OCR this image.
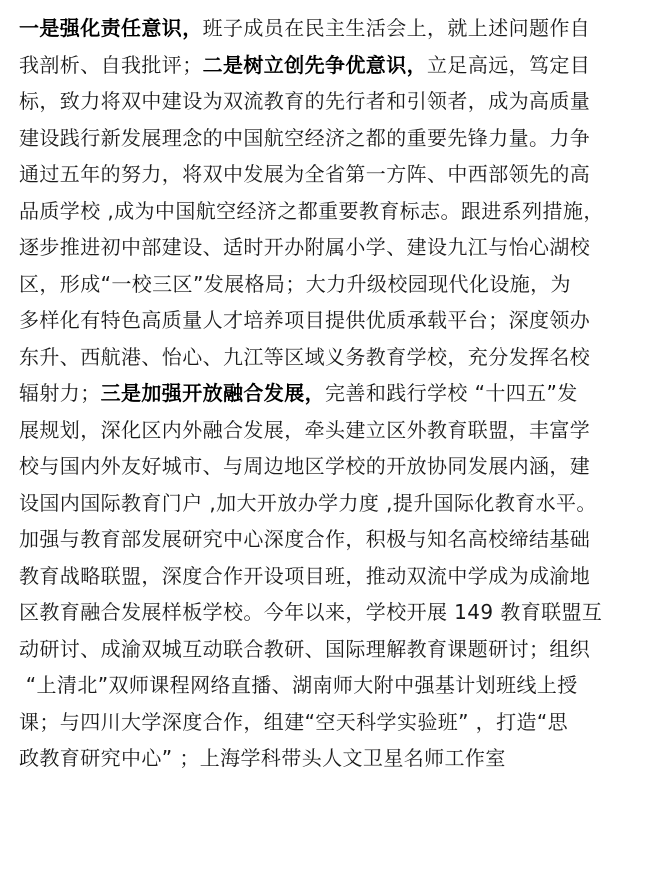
一是强化责任意识，班子成员在民主生活会上，就上述问题作自
我剖析、自我批评；二是树立创先争优意识，立足高远，笃定目
标，致力将双中建设为双流教育的先行者和引领者，成为高质量
建设践行新发展理念的中国航空经济之都的重要先锋力量。力争
通过五年的努力，将双中发展为全省第一方阵、中西部领先的高
品质学校 ,成为中国航空经济之都重要教育标志。跟进系列措施，
逐步推进初中部建设、适时开办附属小学、建设九江与怡心湖校
区，形成“一校三区”发展格局；大力升级校园现代化设施，为
多样化有特色高质量人才培养项目提供优质承载平台；深度领办
东升、西航港、怡心、九江等区域义务教育学校，充分发挥名校
辐射力；三是加强开放融合发展，完善和践行学校 “十四五”发
展规划，深化区内外融合发展，牵头建立区外教育联盟，丰富学
校与国内外友好城市、与周边地区学校的开放协同发展内涵，建
设国内国际教育门户 ,加大开放办学力度 ,提升国际化教育水平。
加强与教育部发展研究中心深度合作，积极与知名高校缔结基础
教育战略联盟，深度合作开设项目班，推动双流中学成为成渝地
区教育融合发展样板学校。今年以来，学校开展 149 教育联盟互
动研讨、成渝双城互动联合教研、国际理解教育课题研讨；组织
“上清北”双师课程网络直播、湖南师大附中强基计划班线上授
课；与四川大学深度合作，组建“空天科学实验班” ，打造“思
政教育研究中心” ；上海学科带头人文卫星名师工作室
